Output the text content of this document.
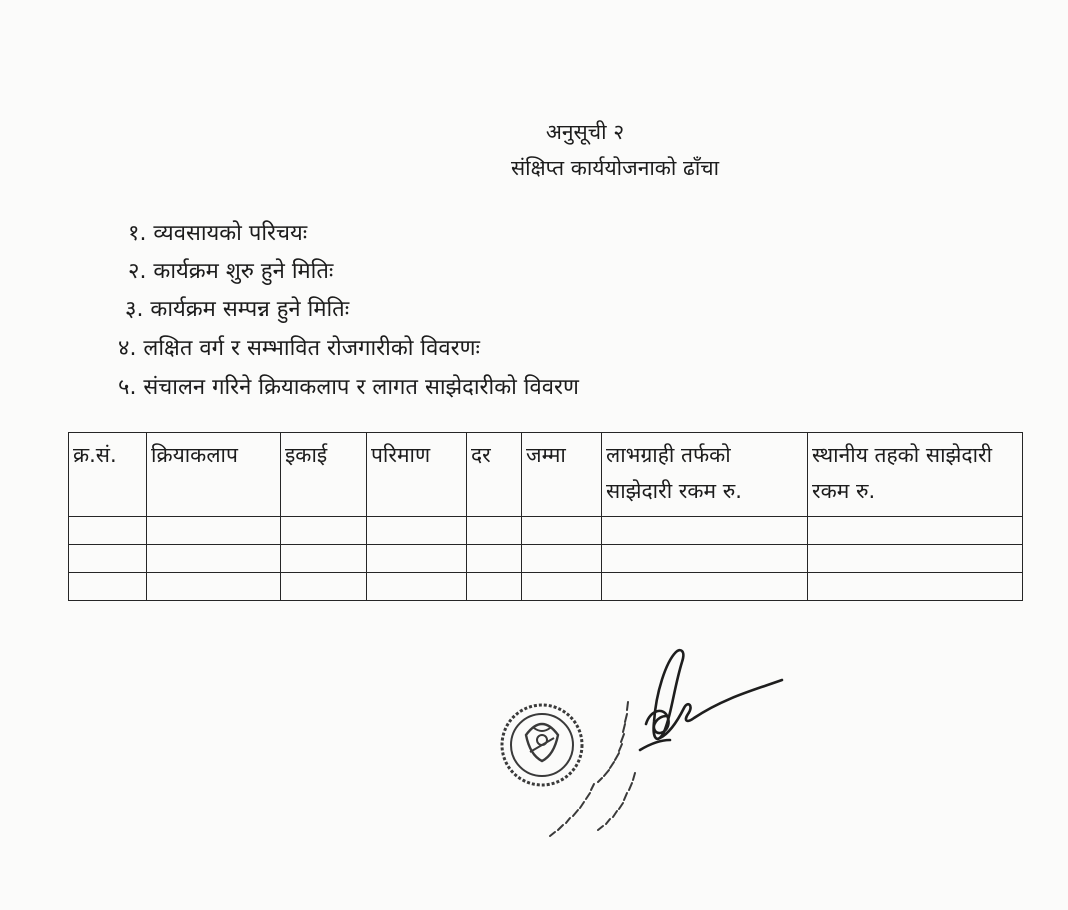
अनुसूची २
संक्षिप्त कार्ययोजनाको ढाँचा
१. व्यवसायको परिचयः
२. कार्यक्रम शुरु हुने मितिः
३. कार्यक्रम सम्पन्न हुने मितिः
४. लक्षित वर्ग र सम्भावित रोजगारीको विवरणः
५. संचालन गरिने क्रियाकलाप र लागत साझेदारीको विवरण
क्र.सं.	क्रियाकलाप	इकाई	परिमाण	दर	जम्मा	लाभग्राही तर्फको साझेदारी रकम रु.	स्थानीय तहको साझेदारी रकम रु.
